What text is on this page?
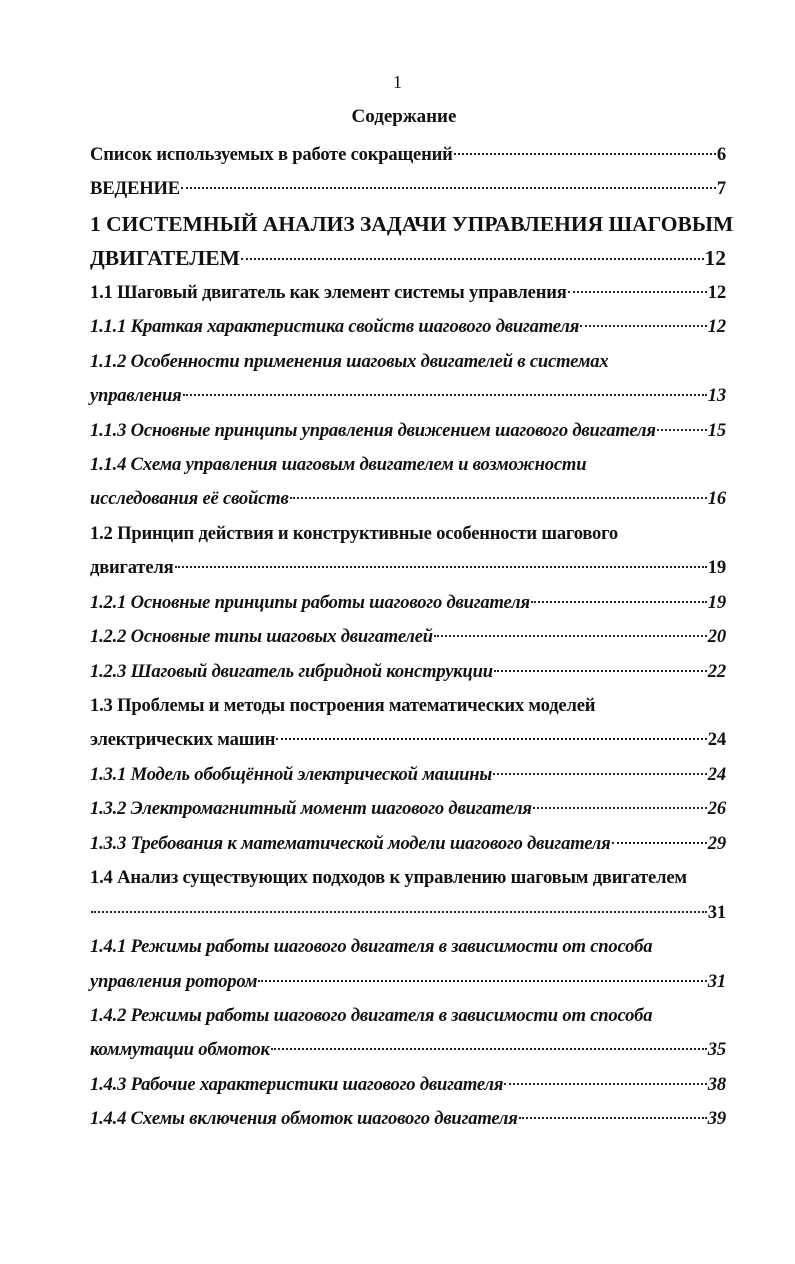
1
Содержание
Список используемых в работе сокращений	6
ВЕДЕНИЕ	7
1 СИСТЕМНЫЙ АНАЛИЗ ЗАДАЧИ УПРАВЛЕНИЯ ШАГОВЫМ
ДВИГАТЕЛЕМ	12
1.1 Шаговый двигатель как элемент системы управления	12
1.1.1 Краткая характеристика свойств шагового двигателя	12
1.1.2 Особенности применения шаговых двигателей в системах
управления	13
1.1.3 Основные принципы управления движением шагового двигателя	15
1.1.4 Схема управления шаговым двигателем и возможности
исследования её свойств	16
1.2 Принцип действия и конструктивные особенности шагового
двигателя	19
1.2.1 Основные принципы работы шагового двигателя	19
1.2.2 Основные типы шаговых двигателей	20
1.2.3 Шаговый двигатель гибридной конструкции	22
1.3 Проблемы и методы построения математических моделей
электрических машин	24
1.3.1 Модель обобщённой электрической машины	24
1.3.2 Электромагнитный момент шагового двигателя	26
1.3.3 Требования к математической модели шагового двигателя	29
1.4 Анализ существующих подходов к управлению шаговым двигателем
31
1.4.1 Режимы работы шагового двигателя в зависимости от способа
управления ротором	31
1.4.2 Режимы работы шагового двигателя в зависимости от способа
коммутации обмоток	35
1.4.3 Рабочие характеристики шагового двигателя	38
1.4.4 Схемы включения обмоток шагового двигателя	39
